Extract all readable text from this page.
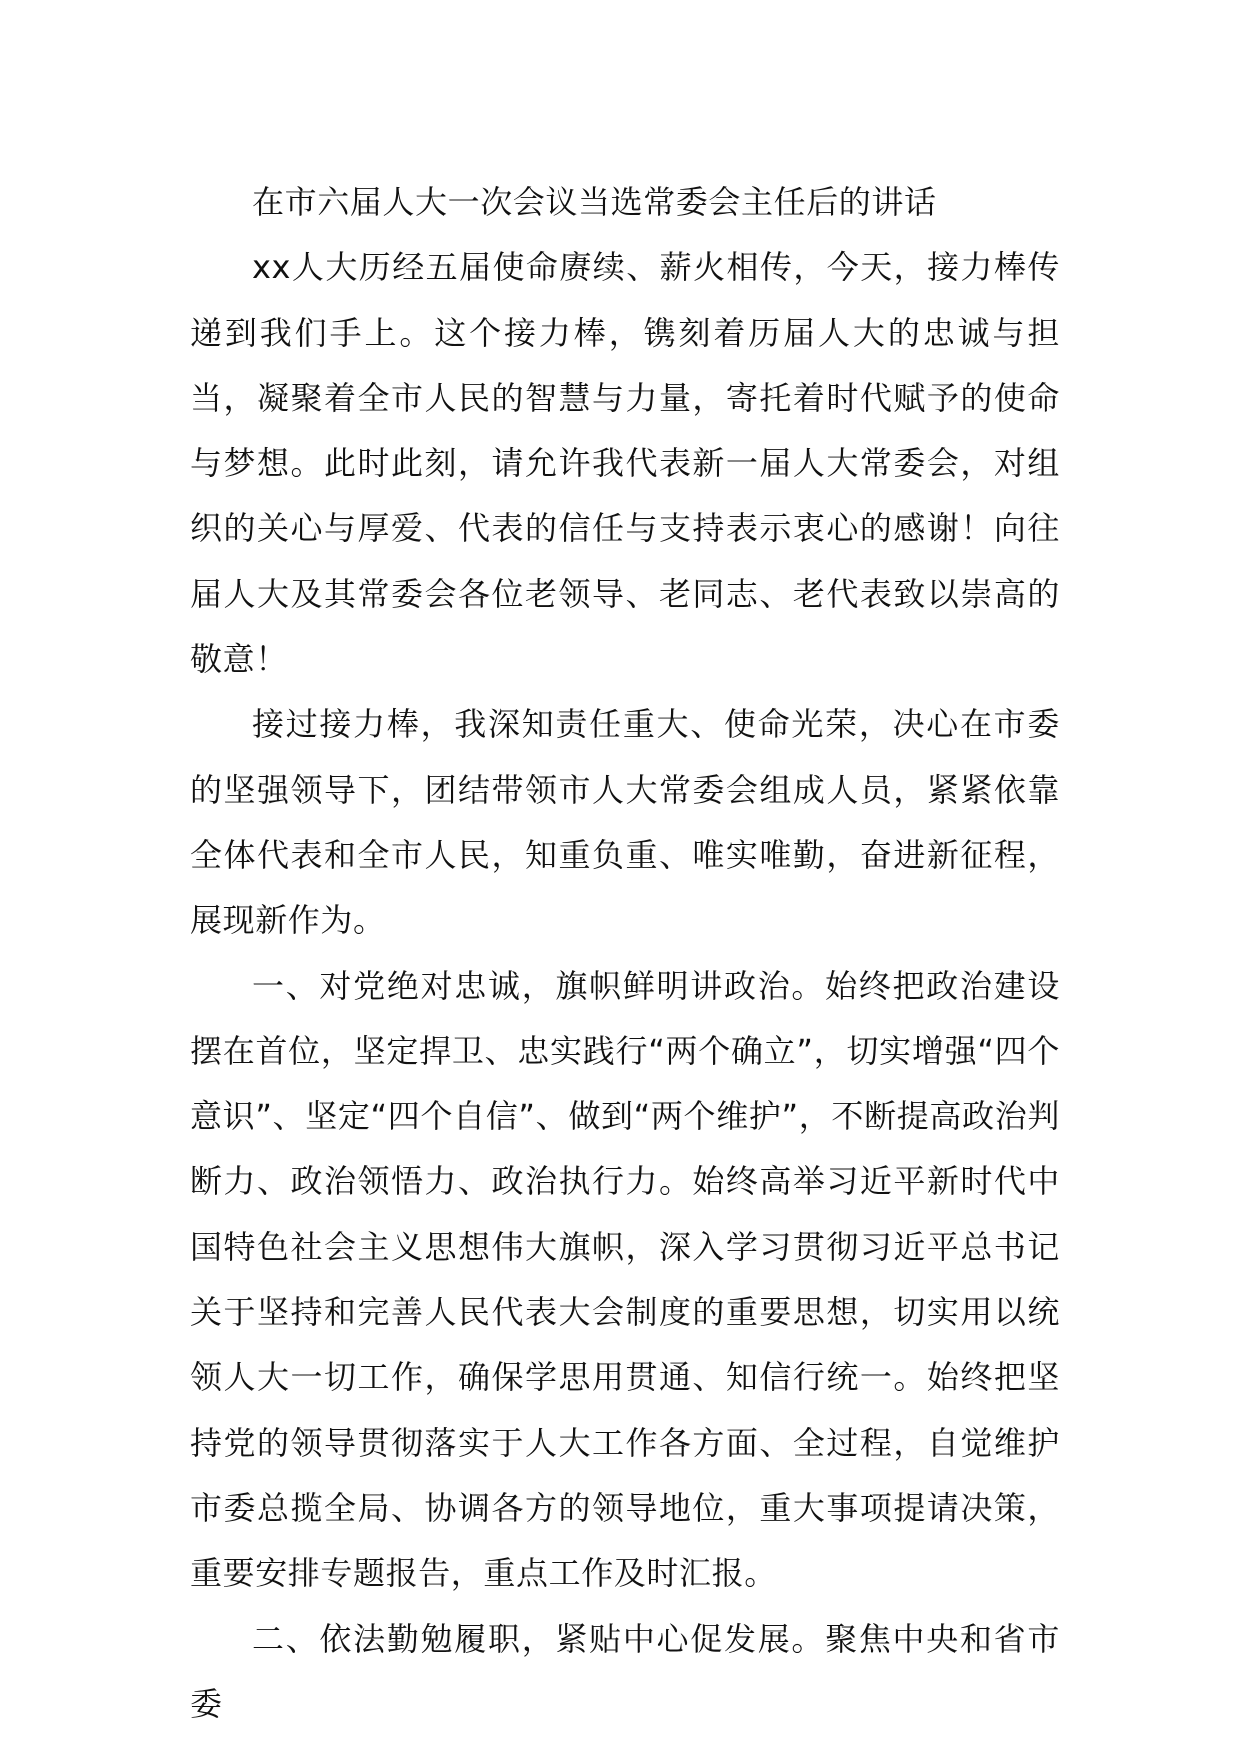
在市六届人大一次会议当选常委会主任后的讲话

xx人大历经五届使命赓续、薪火相传，今天，接力棒传递到我们手上。这个接力棒，镌刻着历届人大的忠诚与担当，凝聚着全市人民的智慧与力量，寄托着时代赋予的使命与梦想。此时此刻，请允许我代表新一届人大常委会，对组织的关心与厚爱、代表的信任与支持表示衷心的感谢！向往届人大及其常委会各位老领导、老同志、老代表致以崇高的敬意！

接过接力棒，我深知责任重大、使命光荣，决心在市委的坚强领导下，团结带领市人大常委会组成人员，紧紧依靠全体代表和全市人民，知重负重、唯实唯勤，奋进新征程，展现新作为。

一、对党绝对忠诚，旗帜鲜明讲政治。始终把政治建设摆在首位，坚定捍卫、忠实践行“两个确立”，切实增强“四个意识”、坚定“四个自信”、做到“两个维护”，不断提高政治判断力、政治领悟力、政治执行力。始终高举习近平新时代中国特色社会主义思想伟大旗帜，深入学习贯彻习近平总书记关于坚持和完善人民代表大会制度的重要思想，切实用以统领人大一切工作，确保学思用贯通、知信行统一。始终把坚持党的领导贯彻落实于人大工作各方面、全过程，自觉维护市委总揽全局、协调各方的领导地位，重大事项提请决策，重要安排专题报告，重点工作及时汇报。

二、依法勤勉履职，紧贴中心促发展。聚焦中央和省市委
